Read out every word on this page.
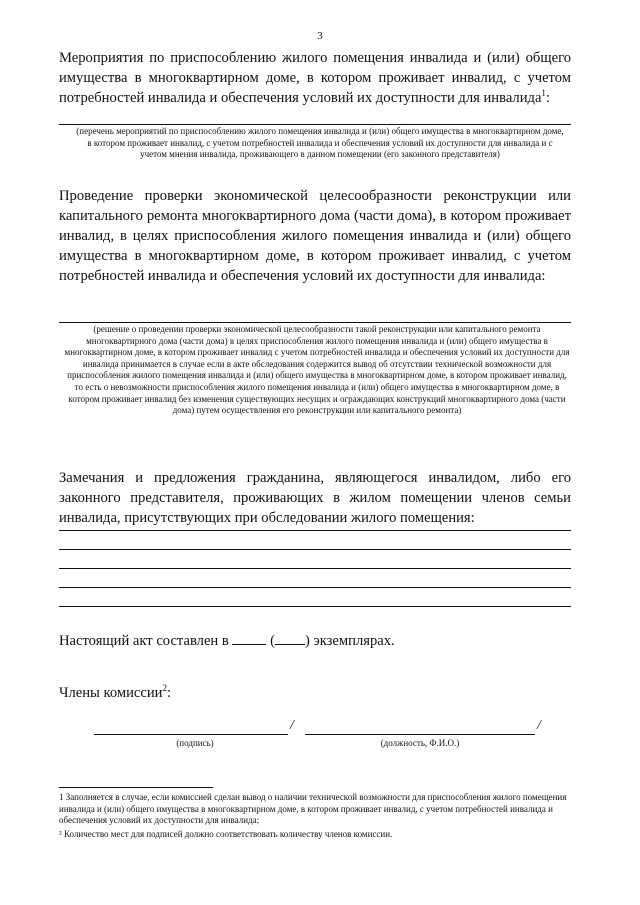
3
Мероприятия по приспособлению жилого помещения инвалида и (или) общего имущества в многоквартирном доме, в котором проживает инвалид, с учетом потребностей инвалида и обеспечения условий их доступности для инвалида$^1$:
(перечень мероприятий по приспособлению жилого помещения инвалида и (или) общего имущества в многоквартирном доме, в котором проживает инвалид, с учетом потребностей инвалида и обеспечения условий их доступности для инвалида и с учетом мнения инвалида, проживающего в данном помещении (его законного представителя)
Проведение проверки экономической целесообразности реконструкции или капитального ремонта многоквартирного дома (части дома), в котором проживает инвалид, в целях приспособления жилого помещения инвалида и (или) общего имущества в многоквартирном доме, в котором проживает инвалид, с учетом потребностей инвалида и обеспечения условий их доступности для инвалида:
(решение о проведении проверки экономической целесообразности такой реконструкции или капитального ремонта многоквартирного дома (части дома) в целях приспособления жилого помещения инвалида и (или) общего имущества в многоквартирном доме, в котором проживает инвалид с учетом потребностей инвалида и обеспечения условий их доступности для инвалида принимается в случае если в акте обследования содержится вывод об отсутствии технической возможности для приспособления жилого помещения инвалида и (или) общего имущества в многоквартирном доме, в котором проживает инвалид, то есть о невозможности приспособления жилого помещения инвалида и (или) общего имущества в многоквартирном доме, в котором проживает инвалид без изменения существующих несущих и ограждающих конструкций многоквартирного дома (части дома) путем осуществления его реконструкции или капитального ремонта)
Замечания и предложения гражданина, являющегося инвалидом, либо его законного представителя, проживающих в жилом помещении членов семьи инвалида, присутствующих при обследовании жилого помещения:
Настоящий акт составлен в	( ) экземплярах.
Члены комиссии$^2$:
/	/
(подпись)	(должность, Ф.И.О.)
1 Заполняется в случае, если комиссией сделан вывод о наличии технической возможности для приспособления жилого помещения инвалида и (или) общего имущества в многоквартирном доме, в котором проживает инвалид, с учетом потребностей инвалида и обеспечения условий их доступности для инвалида;
² Количество мест для подписей должно соответствовать количеству членов комиссии.
